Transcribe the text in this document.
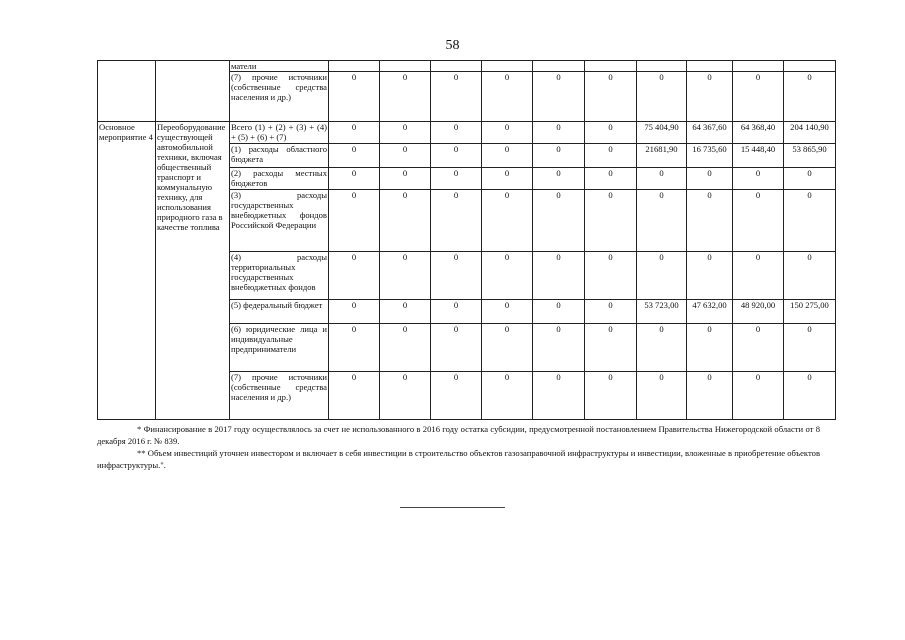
58
		матели										
		(7) прочие источники (собственные средства населения и др.)	0	0	0	0	0	0	0	0	0	0
Основное мероприятие 4	Переоборудование существующей автомобильной техники, включая общественный транспорт и коммунальную технику, для использования природного газа в качестве топлива	Всего (1) + (2) + (3) + (4) + (5) + (6) + (7)	0	0	0	0	0	0	75 404,90	64 367,60	64 368,40	204 140,90
		(1) расходы областного бюджета	0	0	0	0	0	0	21681,90	16 735,60	15 448,40	53 865,90
		(2) расходы местных бюджетов	0	0	0	0	0	0	0	0	0	0
		(3) расходы государственных внебюджетных фондов Российской Федерации	0	0	0	0	0	0	0	0	0	0
		(4) расходы территориальных государственных внебюджетных фондов	0	0	0	0	0	0	0	0	0	0
		(5) федеральный бюджет	0	0	0	0	0	0	53 723,00	47 632,00	48 920,00	150 275,00
		(6) юридические лица и индивидуальные предприниматели	0	0	0	0	0	0	0	0	0	0
		(7) прочие источники (собственные средства населения и др.)	0	0	0	0	0	0	0	0	0	0

* Финансирование в 2017 году осуществлялось за счет не использованного в 2016 году остатка субсидии, предусмотренной постановлением Правительства Нижегородской области от 8 декабря 2016 г. № 839.

** Объем инвестиций уточнен инвестором и включает в себя инвестиции в строительство объектов газозаправочной инфраструктуры и инвестиции, вложенные в приобретение объектов инфраструктуры.".
